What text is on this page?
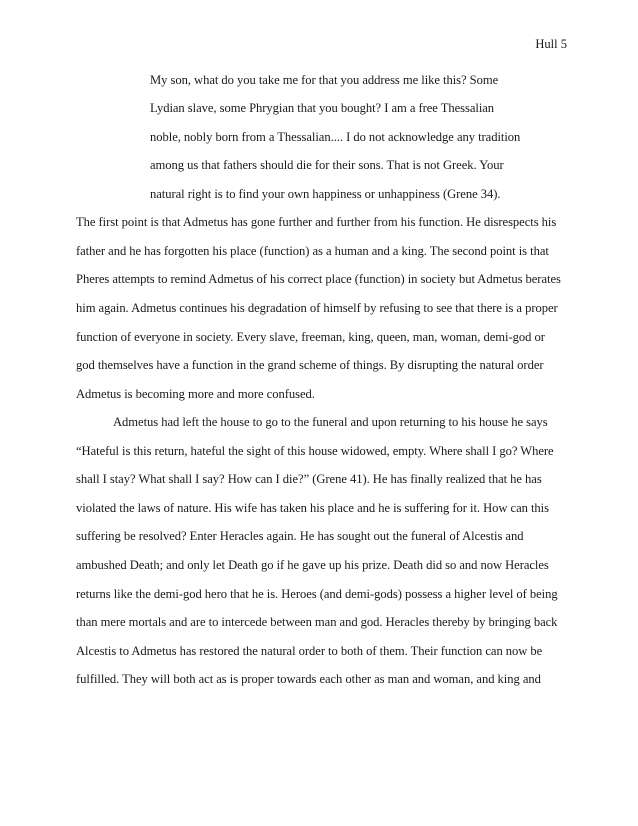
Hull 5
My son, what do you take me for that you address me like this? Some
Lydian slave, some Phrygian that you bought? I am a free Thessalian
noble, nobly born from a Thessalian.... I do not acknowledge any tradition
among us that fathers should die for their sons. That is not Greek. Your
natural right is to find your own happiness or unhappiness (Grene 34).
The first point is that Admetus has gone further and further from his function. He disrespects his
father and he has forgotten his place (function) as a human and a king. The second point is that
Pheres attempts to remind Admetus of his correct place (function) in society but Admetus berates
him again. Admetus continues his degradation of himself by refusing to see that there is a proper
function of everyone in society. Every slave, freeman, king, queen, man, woman, demi-god or
god themselves have a function in the grand scheme of things. By disrupting the natural order
Admetus is becoming more and more confused.
Admetus had left the house to go to the funeral and upon returning to his house he says
“Hateful is this return, hateful the sight of this house widowed, empty. Where shall I go? Where
shall I stay? What shall I say? How can I die?” (Grene 41). He has finally realized that he has
violated the laws of nature. His wife has taken his place and he is suffering for it. How can this
suffering be resolved? Enter Heracles again. He has sought out the funeral of Alcestis and
ambushed Death; and only let Death go if he gave up his prize. Death did so and now Heracles
returns like the demi-god hero that he is. Heroes (and demi-gods) possess a higher level of being
than mere mortals and are to intercede between man and god. Heracles thereby by bringing back
Alcestis to Admetus has restored the natural order to both of them. Their function can now be
fulfilled. They will both act as is proper towards each other as man and woman, and king and
